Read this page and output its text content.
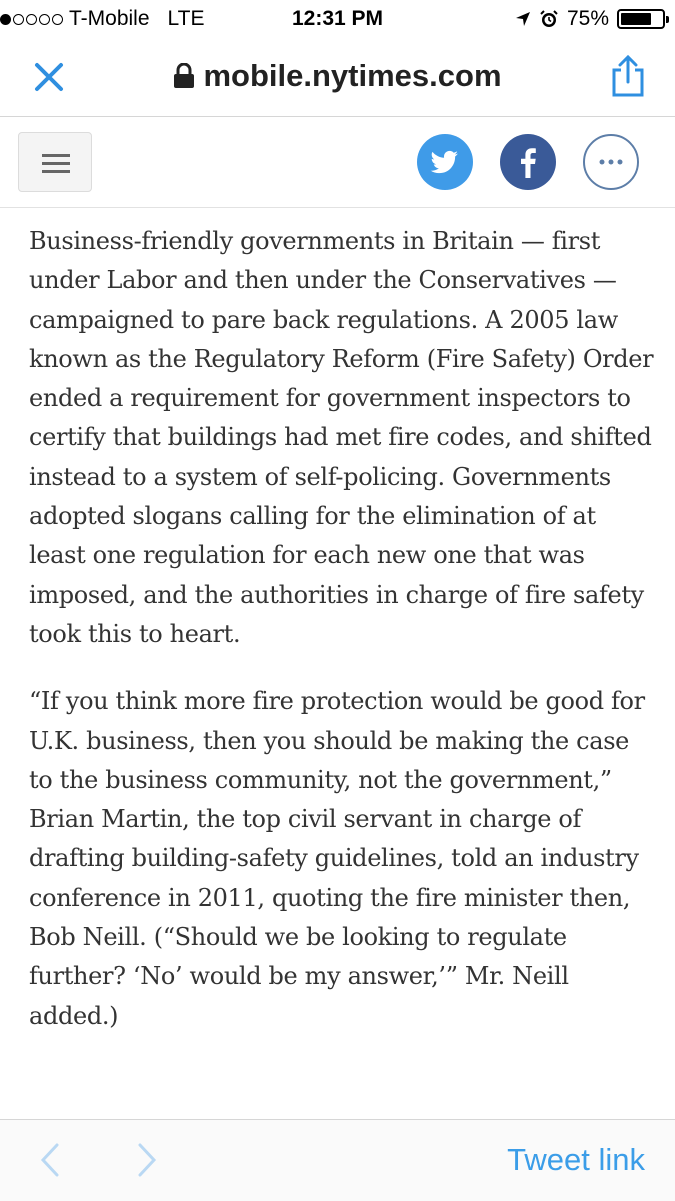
T-Mobile LTE	12:31 PM	75%
mobile.nytimes.com

Business-friendly governments in Britain — first under Labor and then under the Conservatives — campaigned to pare back regulations. A 2005 law known as the Regulatory Reform (Fire Safety) Order ended a requirement for government inspectors to certify that buildings had met fire codes, and shifted instead to a system of self-policing. Governments adopted slogans calling for the elimination of at least one regulation for each new one that was imposed, and the authorities in charge of fire safety took this to heart.

“If you think more fire protection would be good for U.K. business, then you should be making the case to the business community, not the government,” Brian Martin, the top civil servant in charge of drafting building-safety guidelines, told an industry conference in 2011, quoting the fire minister then, Bob Neill. (“Should we be looking to regulate further? ‘No’ would be my answer,’” Mr. Neill added.)

Tweet link
